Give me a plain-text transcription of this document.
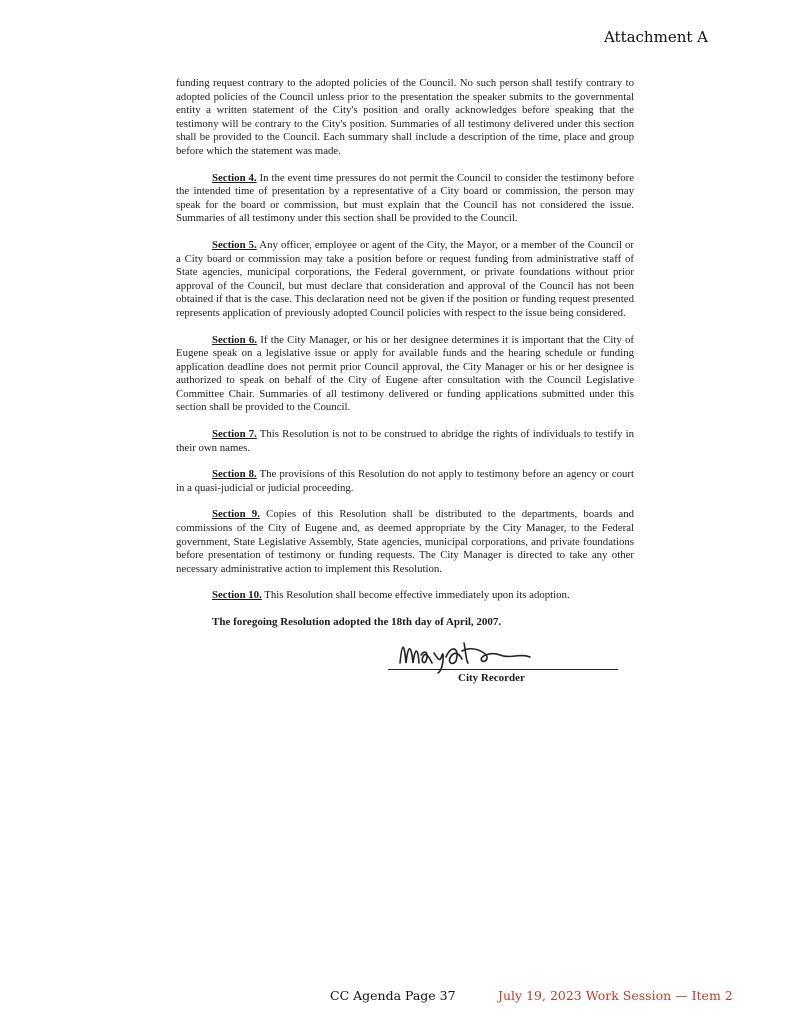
Attachment A

funding request contrary to the adopted policies of the Council. No such person shall testify contrary to adopted policies of the Council unless prior to the presentation the speaker submits to the governmental entity a written statement of the City's position and orally acknowledges before speaking that the testimony will be contrary to the City's position. Summaries of all testimony delivered under this section shall be provided to the Council. Each summary shall include a description of the time, place and group before which the statement was made.

Section 4. In the event time pressures do not permit the Council to consider the testimony before the intended time of presentation by a representative of a City board or commission, the person may speak for the board or commission, but must explain that the Council has not considered the issue. Summaries of all testimony under this section shall be provided to the Council.

Section 5. Any officer, employee or agent of the City, the Mayor, or a member of the Council or a City board or commission may take a position before or request funding from administrative staff of State agencies, municipal corporations, the Federal government, or private foundations without prior approval of the Council, but must declare that consideration and approval of the Council has not been obtained if that is the case. This declaration need not be given if the position or funding request presented represents application of previously adopted Council policies with respect to the issue being considered.

Section 6. If the City Manager, or his or her designee determines it is important that the City of Eugene speak on a legislative issue or apply for available funds and the hearing schedule or funding application deadline does not permit prior Council approval, the City Manager or his or her designee is authorized to speak on behalf of the City of Eugene after consultation with the Council Legislative Committee Chair. Summaries of all testimony delivered or funding applications submitted under this section shall be provided to the Council.

Section 7. This Resolution is not to be construed to abridge the rights of individuals to testify in their own names.

Section 8. The provisions of this Resolution do not apply to testimony before an agency or court in a quasi-judicial or judicial proceeding.

Section 9. Copies of this Resolution shall be distributed to the departments, boards and commissions of the City of Eugene and, as deemed appropriate by the City Manager, to the Federal government, State Legislative Assembly, State agencies, municipal corporations, and private foundations before presentation of testimony or funding requests. The City Manager is directed to take any other necessary administrative action to implement this Resolution.

Section 10. This Resolution shall become effective immediately upon its adoption.

The foregoing Resolution adopted the 18th day of April, 2007.

City Recorder
CC Agenda Page 37	July 19, 2023 Work Session — Item 2
